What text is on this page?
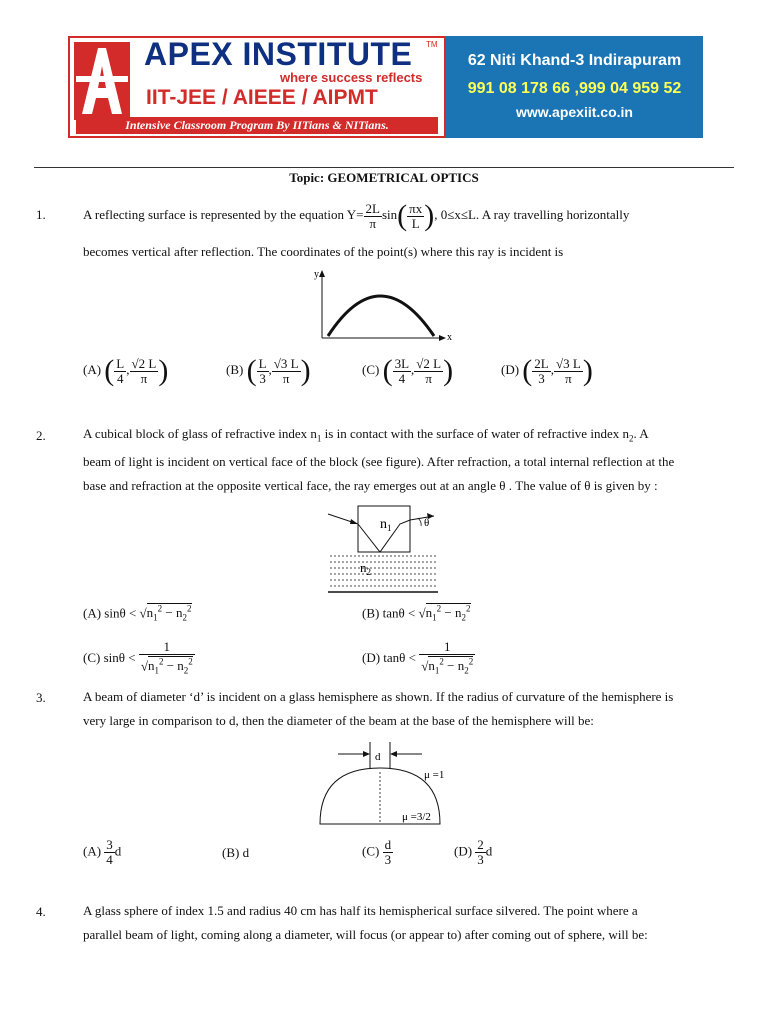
APEX INSTITUTE TM
where success reflects
IIT-JEE / AIEEE / AIPMT
Intensive Classroom Program By IITians & NITians.
62 Niti Khand-3 Indirapuram
991 08 178 66 ,999 04 959 52
www.apexiit.co.in
Topic: GEOMETRICAL OPTICS
1.	A reflecting surface is represented by the equation $Y= \frac{2L}{\pi} \sin( \frac{\pi x}{L}$ ), 0≤x≤L. A ray travelling horizontally
becomes vertical after reflection. The coordinates of the point(s) where this ray is incident is
y
x
(A) ( $\frac{L}{4}$ , $\frac{√2 L}{\pi}$ )	(B) ( $\frac{L}{3}$ , $\frac{√3 L}{\pi}$ )	(C) ( $\frac{3L}{4}$ , $\frac{√2 L}{\pi}$ )	(D) ( $\frac{2L}{3}$ , $\frac{√3 L}{\pi}$ )
2.	A cubical block of glass of refractive index $n_1$ is in contact with the surface of water of refractive index $n_2$. A
beam of light is incident on vertical face of the block (see figure). After refraction, a total internal reflection at the
base and refraction at the opposite vertical face, the ray emerges out at an angle θ . The value of θ is given by :
$n_1$	θ
$n_2$
(A) $\sin\theta < √n_1^2 - n_2^2$	(B) $\tan\theta < √n_1^2 - n_2^2$
(C) $\sin\theta < \frac{1}{√n_1^2 - n_2^2}$	(D) $\tan\theta < \frac{1}{√n_1^2 - n_2^2}$
3.	A beam of diameter ‘d’ is incident on a glass hemisphere as shown. If the radius of curvature of the hemisphere is
very large in comparison to d, then the diameter of the beam at the base of the hemisphere will be:
d
μ =1
μ =3/2
$(A) \frac{3}{4}$ d	(B) d	$(C) \frac{d}{3}$	$(D) \frac{2}{3}$ d
4.	A glass sphere of index 1.5 and radius 40 cm has half its hemispherical surface silvered. The point where a
parallel beam of light, coming along a diameter, will focus (or appear to) after coming out of sphere, will be:
